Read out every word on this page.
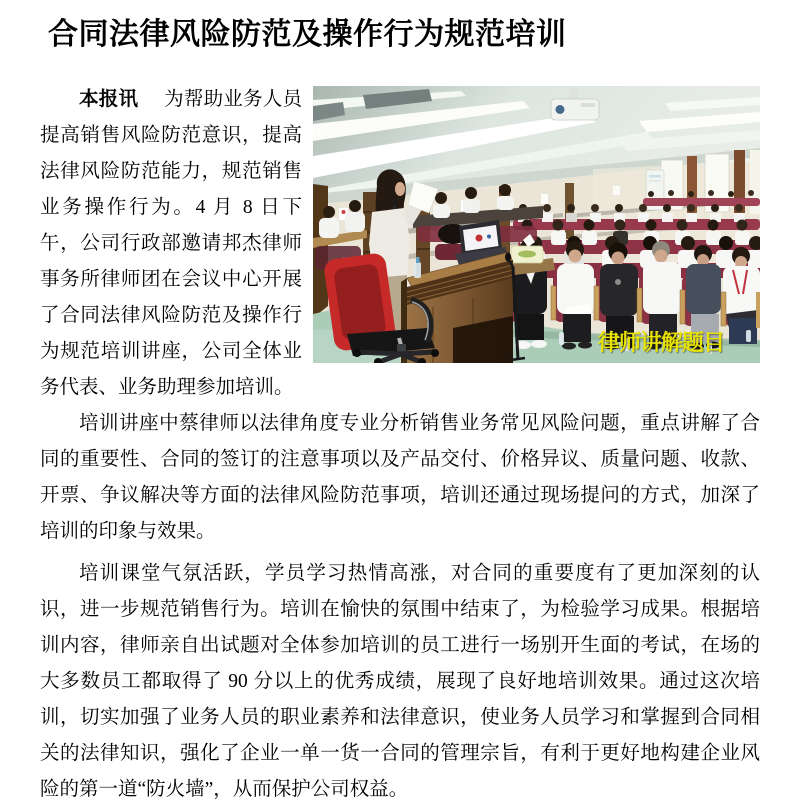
合同法律风险防范及操作行为规范培训

律师讲解题目
本报讯 为帮助业务人员提高销售风险防范意识，提高法律风险防范能力，规范销售业务操作行为。4 月 8 日下午，公司行政部邀请邦杰律师事务所律师团在会议中心开展了合同法律风险防范及操作行为规范培训讲座，公司全体业务代表、业务助理参加培训。

培训讲座中蔡律师以法律角度专业分析销售业务常见风险问题，重点讲解了合同的重要性、合同的签订的注意事项以及产品交付、价格异议、质量问题、收款、开票、争议解决等方面的法律风险防范事项，培训还通过现场提问的方式，加深了培训的印象与效果。

培训课堂气氛活跃，学员学习热情高涨，对合同的重要度有了更加深刻的认识，进一步规范销售行为。培训在愉快的氛围中结束了，为检验学习成果。根据培训内容，律师亲自出试题对全体参加培训的员工进行一场别开生面的考试，在场的大多数员工都取得了 90 分以上的优秀成绩，展现了良好地培训效果。通过这次培训，切实加强了业务人员的职业素养和法律意识，使业务人员学习和掌握到合同相关的法律知识，强化了企业一单一货一合同的管理宗旨，有利于更好地构建企业风险的第一道“防火墙”，从而保护公司权益。
